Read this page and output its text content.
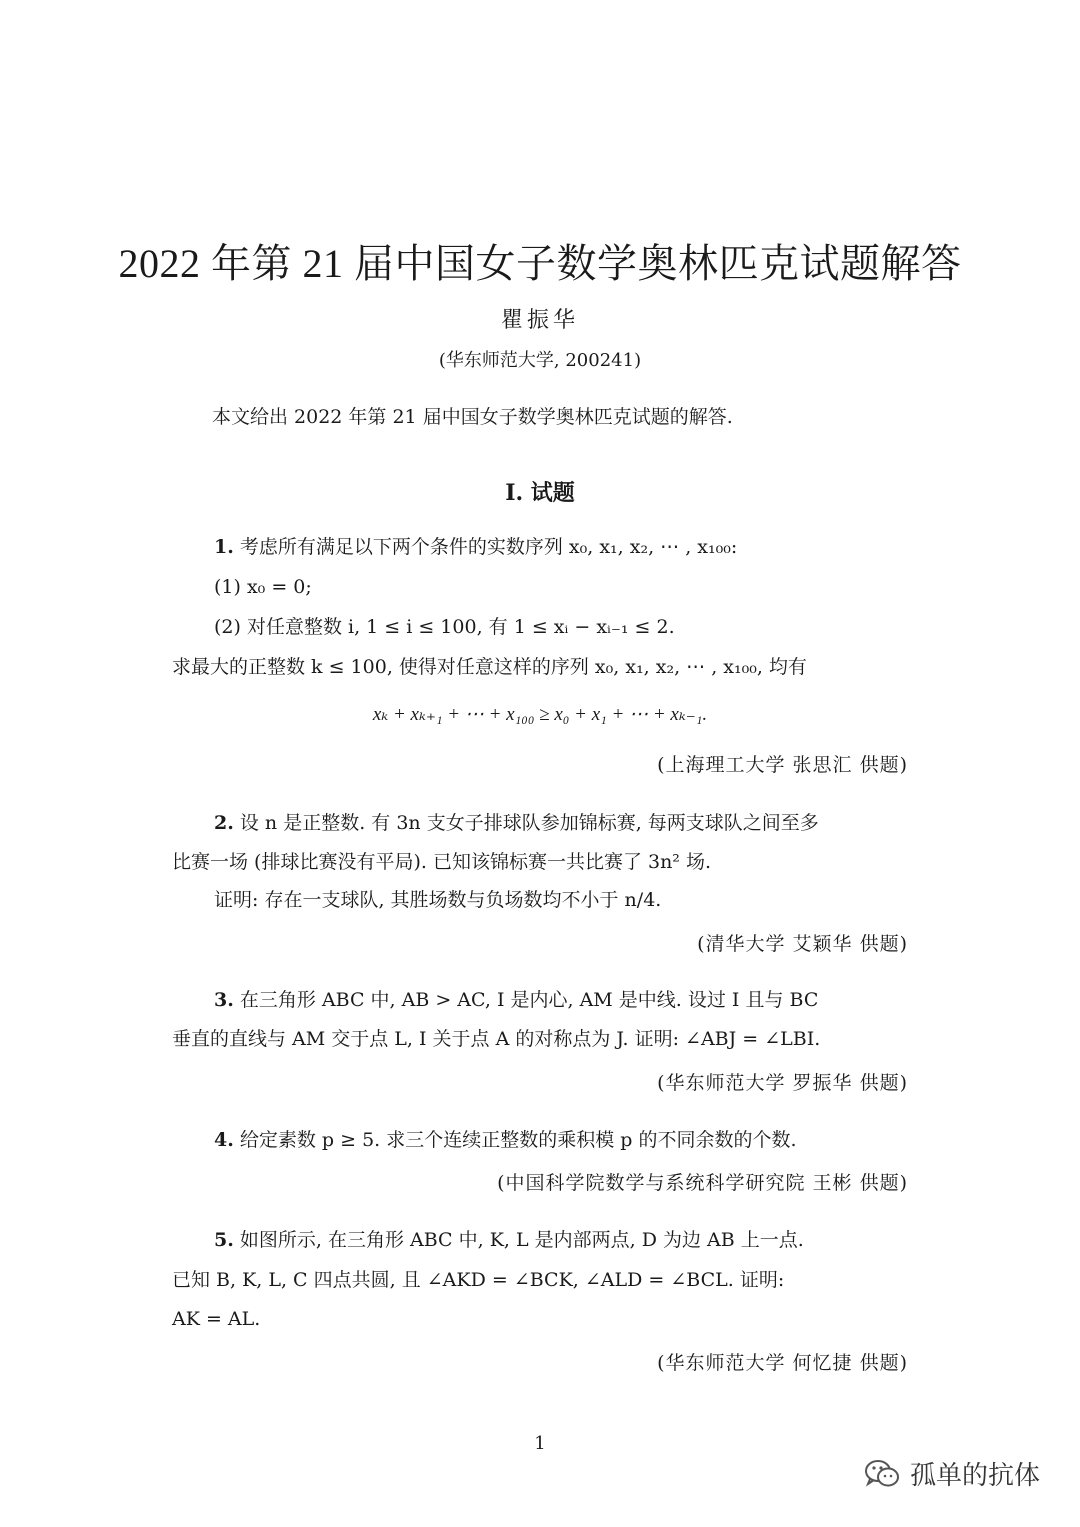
2022 年第 21 届中国女子数学奥林匹克试题解答
瞿振华
(华东师范大学, 200241)
本文给出 2022 年第 21 届中国女子数学奥林匹克试题的解答.
I. 试题
1. 考虑所有满足以下两个条件的实数序列 x₀, x₁, x₂, ⋯ , x₁₀₀:
(1) x₀ = 0;
(2) 对任意整数 i, 1 ≤ i ≤ 100, 有 1 ≤ xᵢ − xᵢ₋₁ ≤ 2.
求最大的正整数 k ≤ 100, 使得对任意这样的序列 x₀, x₁, x₂, ⋯ , x₁₀₀, 均有
xₖ + xₖ₊₁ + ⋯ + x₁₀₀ ≥ x₀ + x₁ + ⋯ + xₖ₋₁.
(上海理工大学 张思汇 供题)
2. 设 n 是正整数. 有 3n 支女子排球队参加锦标赛, 每两支球队之间至多
比赛一场 (排球比赛没有平局). 已知该锦标赛一共比赛了 3n² 场.
证明: 存在一支球队, 其胜场数与负场数均不小于 n/4.
(清华大学 艾颖华 供题)
3. 在三角形 ABC 中, AB > AC, I 是内心, AM 是中线. 设过 I 且与 BC
垂直的直线与 AM 交于点 L, I 关于点 A 的对称点为 J. 证明: ∠ABJ = ∠LBI.
(华东师范大学 罗振华 供题)
4. 给定素数 p ≥ 5. 求三个连续正整数的乘积模 p 的不同余数的个数.
(中国科学院数学与系统科学研究院 王彬 供题)
5. 如图所示, 在三角形 ABC 中, K, L 是内部两点, D 为边 AB 上一点.
已知 B, K, L, C 四点共圆, 且 ∠AKD = ∠BCK, ∠ALD = ∠BCL. 证明:
AK = AL.
(华东师范大学 何忆捷 供题)
1
孤单的抗体
